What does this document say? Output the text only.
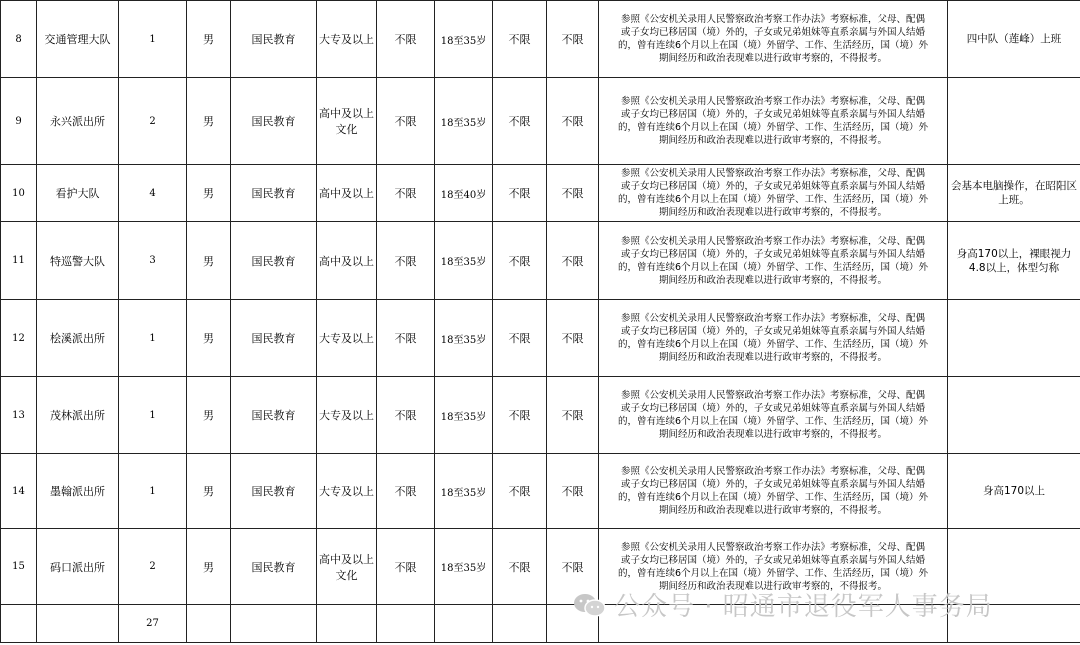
8	交通管理大队	1	男	国民教育	大专及以上	不限	18至35岁	不限	不限	参照《公安机关录用人民警察政治考察工作办法》考察标准，父母、配偶
或子女均已移居国（境）外的，子女或兄弟姐妹等直系亲属与外国人结婚
的，曾有连续6个月以上在国（境）外留学、工作、生活经历，国（境）外
期间经历和政治表现难以进行政审考察的，不得报考。	四中队（莲峰）上班
9	永兴派出所	2	男	国民教育	高中及以上文化	不限	18至35岁	不限	不限	参照《公安机关录用人民警察政治考察工作办法》考察标准，父母、配偶
或子女均已移居国（境）外的，子女或兄弟姐妹等直系亲属与外国人结婚
的，曾有连续6个月以上在国（境）外留学、工作、生活经历，国（境）外
期间经历和政治表现难以进行政审考察的，不得报考。	

10	看护大队	4	男	国民教育	高中及以上	不限	18至40岁	不限	不限	参照《公安机关录用人民警察政治考察工作办法》考察标准，父母、配偶
或子女均已移居国（境）外的，子女或兄弟姐妹等直系亲属与外国人结婚
的，曾有连续6个月以上在国（境）外留学、工作、生活经历，国（境）外
期间经历和政治表现难以进行政审考察的，不得报考。	会基本电脑操作，在昭阳区上班。
11	特巡警大队	3	男	国民教育	高中及以上	不限	18至35岁	不限	不限	参照《公安机关录用人民警察政治考察工作办法》考察标准，父母、配偶
或子女均已移居国（境）外的，子女或兄弟姐妹等直系亲属与外国人结婚
的，曾有连续6个月以上在国（境）外留学、工作、生活经历，国（境）外
期间经历和政治表现难以进行政审考察的，不得报考。	身高170以上，裸眼视力4.8以上，体型匀称
12	桧溪派出所	1	男	国民教育	大专及以上	不限	18至35岁	不限	不限	参照《公安机关录用人民警察政治考察工作办法》考察标准，父母、配偶
或子女均已移居国（境）外的，子女或兄弟姐妹等直系亲属与外国人结婚
的，曾有连续6个月以上在国（境）外留学、工作、生活经历，国（境）外
期间经历和政治表现难以进行政审考察的，不得报考。	

13	茂林派出所	1	男	国民教育	大专及以上	不限	18至35岁	不限	不限	参照《公安机关录用人民警察政治考察工作办法》考察标准，父母、配偶
或子女均已移居国（境）外的，子女或兄弟姐妹等直系亲属与外国人结婚
的，曾有连续6个月以上在国（境）外留学、工作、生活经历，国（境）外
期间经历和政治表现难以进行政审考察的，不得报考。	

14	墨翰派出所	1	男	国民教育	大专及以上	不限	18至35岁	不限	不限	参照《公安机关录用人民警察政治考察工作办法》考察标准，父母、配偶
或子女均已移居国（境）外的，子女或兄弟姐妹等直系亲属与外国人结婚
的，曾有连续6个月以上在国（境）外留学、工作、生活经历，国（境）外
期间经历和政治表现难以进行政审考察的，不得报考。	身高170以上
15	码口派出所	2	男	国民教育	高中及以上文化	不限	18至35岁	不限	不限	参照《公安机关录用人民警察政治考察工作办法》考察标准，父母、配偶
或子女均已移居国（境）外的，子女或兄弟姐妹等直系亲属与外国人结婚
的，曾有连续6个月以上在国（境）外留学、工作、生活经历，国（境）外
期间经历和政治表现难以进行政审考察的，不得报考。	

		27									
公众号 · 昭通市退役军人事务局
